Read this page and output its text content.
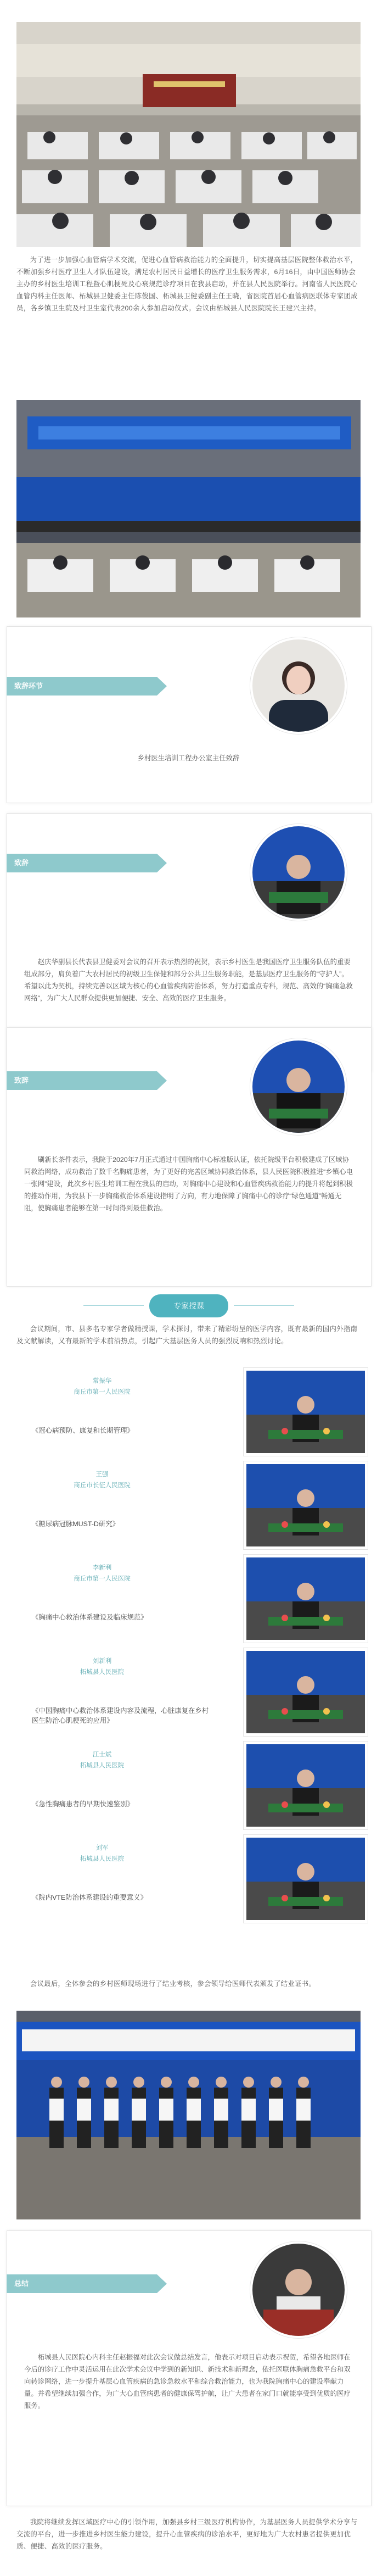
为了进一步加强心血管病学术交流，促进心血管病救治能力的全面提升，切实提高基层医院整体救治水平，不断加强乡村医疗卫生人才队伍建设，满足农村居民日益增长的医疗卫生服务需求，6月16日，由中国医师协会主办的乡村医生培训工程暨心肌梗死及心衰规范诊疗项目在我县启动，并在县人民医院举行。河南省人民医院心血管内科主任医师、柘城县卫健委主任陈俊国、柘城县卫健委副主任王晓，省医院首届心血管病医联体专家团成员，各乡镇卫生院及村卫生室代表200余人参加启动仪式。会议由柘城县人民医院院长王建兴主持。

致辞环节
乡村医生培训工程办公室主任致辞
致辞

赵庆华副县长代表县卫健委对会议的召开表示热烈的祝贺，表示乡村医生是我国医疗卫生服务队伍的重要组成部分，肩负着广大农村居民的初级卫生保健和部分公共卫生服务职能，是基层医疗卫生服务的“守护人”。希望以此为契机，持续完善以区域为核心的心血管疾病防治体系，努力打造重点专科，规范、高效的“胸痛急救网络”，为广大人民群众提供更加便捷、安全、高效的医疗卫生服务。

致辞

刷新长茶件表示，我院于2020年7月正式通过中国胸痛中心标准版认证，依托院级平台积极建成了区域协同救治网络，成功救治了数千名胸痛患者，为了更好的完善区域协同救治体系，县人民医院积极推进“乡镇心电一张网”建设，此次乡村医生培训工程在我县的启动，对胸痛中心建设和心血管疾病救治能力的提升将起到积极的推动作用，为我县下一步胸痛救治体系建设指明了方向，有力地保障了胸痛中心的诊疗“绿色通道”畅通无阻，使胸痛患者能够在第一时间得到最佳救治。

专家授课

会议期间，市、县多名专家学者做精授课，学术探讨，带来了精彩纷呈的医学内容，既有最新的国内外指南及文献解读，又有最新的学术前沿热点，引起广大基层医务人员的强烈反响和热烈讨论。

常振华
商丘市第一人民医院
《冠心病预防、康复和长期管理》
王强
商丘市长征人民医院
《糖尿病冠脉MUST-D研究》
李新利
商丘市第一人民医院
《胸痛中心救治体系建设及临床规范》
刘新利
柘城县人民医院
《中国胸痛中心救治体系建设内容及流程，心脏康复在乡村医生防治心肌梗死的应用》
江士斌
柘城县人民医院
《急性胸痛患者的早期快速鉴别》
刘军
柘城县人民医院
《院内VTE防治体系建设的重要意义》

会议最后，全体参会的乡村医师现场进行了结业考核，参会领导给医师代表颁发了结业证书。

总结

柘城县人民医院心内科主任赵振福对此次会议做总结发言，他表示对项目启动表示祝贺，希望各地医师在今后的诊疗工作中灵活运用在此次学术会议中学到的新知识、新技术和新理念，依托医联体胸痛急救平台和双向转诊网络，进一步提升基层心血管疾病的急诊急救水平和综合救治能力，也为我院胸痛中心的建设奉献力量。并希望继续加强合作，为广大心血管病患者的健康保驾护航，让广大患者在家门口就能享受到优质的医疗服务。

我院将继续发挥区域医疗中心的引领作用，加强县乡村三级医疗机构协作，为基层医务人员提供学术分享与交流的平台，进一步推进乡村医生能力建设，提升心血管疾病的诊治水平，更好地为广大农村患者提供更加优质、便捷、高效的医疗服务。
